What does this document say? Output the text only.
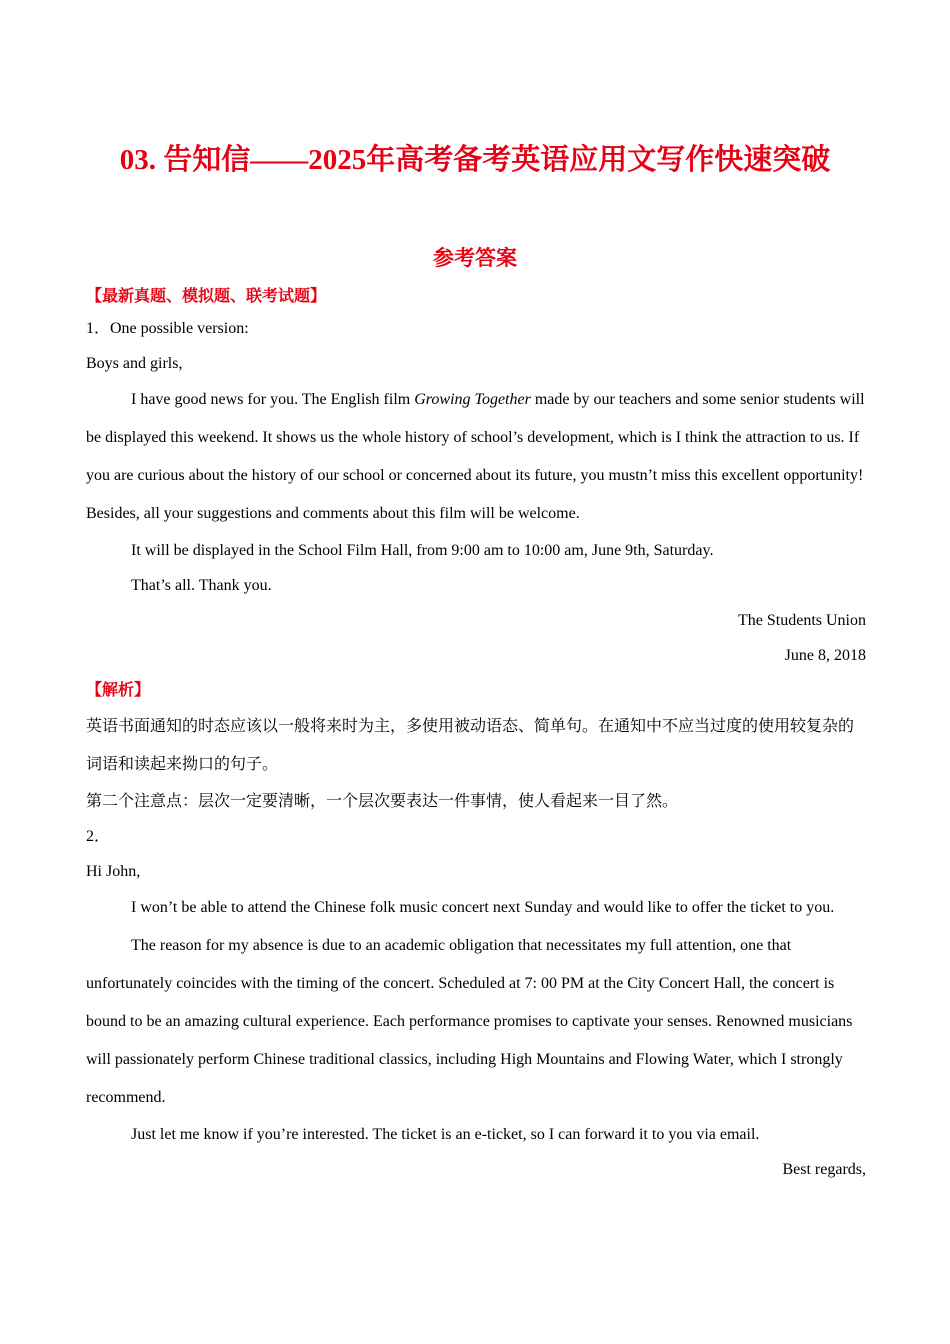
03. 告知信——2025年高考备考英语应用文写作快速突破
参考答案
【最新真题、模拟题、联考试题】
1．One possible version:
Boys and girls,
I have good news for you. The English film Growing Together made by our teachers and some senior students will be displayed this weekend. It shows us the whole history of school’s development, which is I think the attraction to us. If you are curious about the history of our school or concerned about its future, you mustn’t miss this excellent opportunity! Besides, all your suggestions and comments about this film will be welcome.
It will be displayed in the School Film Hall, from 9:00 am to 10:00 am, June 9th, Saturday.
That’s all. Thank you.
The Students Union
June 8, 2018
【解析】
英语书面通知的时态应该以一般将来时为主，多使用被动语态、简单句。在通知中不应当过度的使用较复杂的词语和读起来拗口的句子。
第二个注意点：层次一定要清晰，一个层次要表达一件事情，使人看起来一目了然。
2．
Hi John,
I won’t be able to attend the Chinese folk music concert next Sunday and would like to offer the ticket to you.
The reason for my absence is due to an academic obligation that necessitates my full attention, one that unfortunately coincides with the timing of the concert. Scheduled at 7: 00 PM at the City Concert Hall, the concert is bound to be an amazing cultural experience. Each performance promises to captivate your senses. Renowned musicians will passionately perform Chinese traditional classics, including High Mountains and Flowing Water, which I strongly recommend.
Just let me know if you’re interested. The ticket is an e-ticket, so I can forward it to you via email.
Best regards,
